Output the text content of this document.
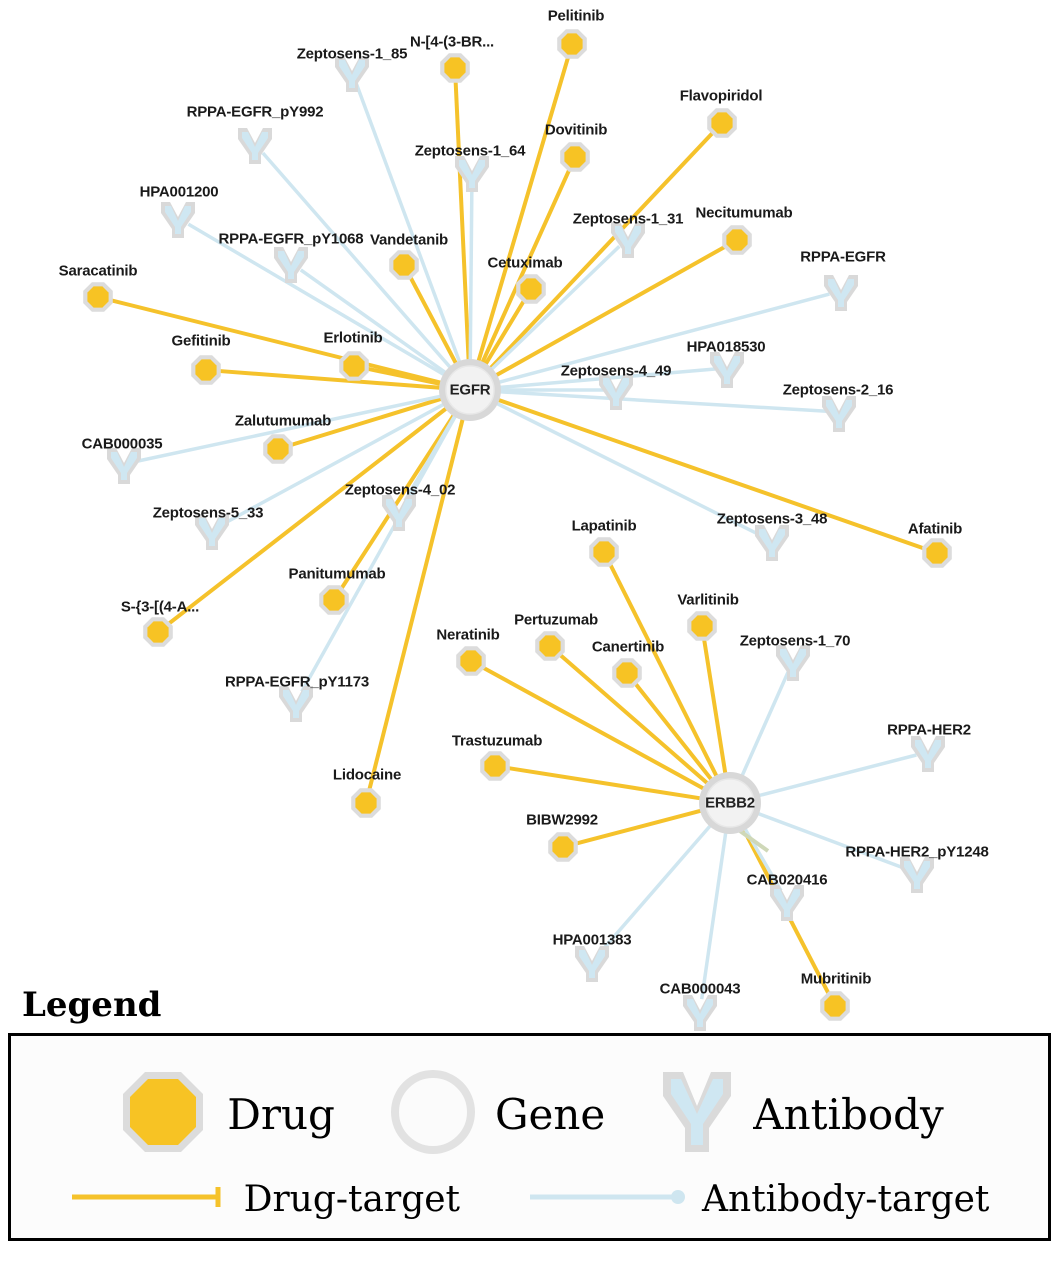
Pelitinib
N-[4-(3-BR...
Flavopiridol
Dovitinib
Necitumumab
Vandetanib
Cetuximab
Saracatinib
Gefitinib	Erlotinib
Zalutumumab
Afatinib
Lapatinib
Varlitinib
Panitumumab
S-{3-[(4-A...
Pertuzumab
Neratinib
Canertinib
Trastuzumab
Lidocaine
BIBW2992
Mubritinib
Zeptosens-1_85
RPPA-EGFR_pY992
Zeptosens-1_64
HPA001200
Zeptosens-1_31
RPPA-EGFR_pY1068
RPPA-EGFR
HPA018530
Zeptosens-4_49
Zeptosens-2_16
CAB000035
Zeptosens-4_02
Zeptosens-5_33	Zeptosens-3_48
Zeptosens-1_70
RPPA-EGFR_pY1173
RPPA-HER2
RPPA-HER2_pY1248
CAB020416
HPA001383
CAB000043
EGFR
ERBB2
Legend
Drug	Gene	Antibody
Drug-target	Antibody-target
